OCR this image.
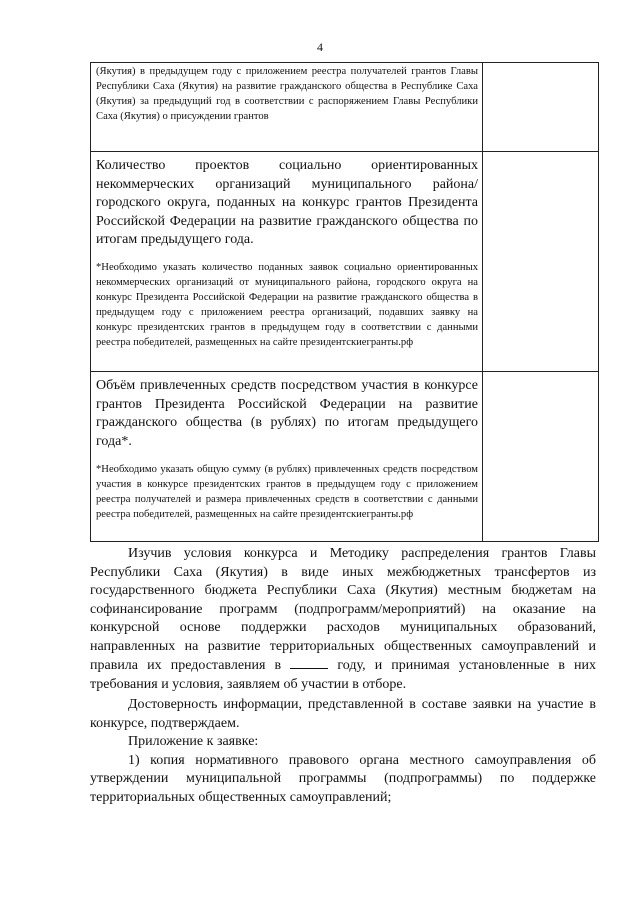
4
(Якутия) в предыдущем году с приложением реестра получателей грантов Главы Республики Саха (Якутия) на развитие гражданского общества в Республике Саха (Якутия) за предыдущий год в соответствии с распоряжением Главы Республики Саха (Якутия) о присуждении грантов	

Количество проектов социально ориентированных некоммерческих организаций муниципального района/городского округа, поданных на конкурс грантов Президента Российской Федерации на развитие гражданского общества по итогам предыдущего года.
*Необходимо указать количество поданных заявок социально ориентированных некоммерческих организаций от муниципального района, городского округа на конкурс Президента Российской Федерации на развитие гражданского общества в предыдущем году с приложением реестра организаций, подавших заявку на конкурс президентских грантов в предыдущем году в соответствии с данными реестра победителей, размещенных на сайте президентскиегранты.рф	

Объём привлеченных средств посредством участия в конкурсе грантов Президента Российской Федерации на развитие гражданского общества (в рублях) по итогам предыдущего года*.
*Необходимо указать общую сумму (в рублях) привлеченных средств посредством участия в конкурсе президентских грантов в предыдущем году с приложением реестра получателей и размера привлеченных средств в соответствии с данными реестра победителей, размещенных на сайте президентскиегранты.рф	

Изучив условия конкурса и Методику распределения грантов Главы Республики Саха (Якутия) в виде иных межбюджетных трансфертов из государственного бюджета Республики Саха (Якутия) местным бюджетам на софинансирование программ (подпрограмм/мероприятий) на оказание на конкурсной основе поддержки расходов муниципальных образований, направленных на развитие территориальных общественных самоуправлений и правила их предоставления в	году, и принимая установленные в них требования и условия, заявляем об участии в отборе.

Достоверность информации, представленной в составе заявки на участие в конкурсе, подтверждаем.

Приложение к заявке:

1) копия нормативного правового органа местного самоуправления об утверждении муниципальной программы (подпрограммы) по поддержке территориальных общественных самоуправлений;
